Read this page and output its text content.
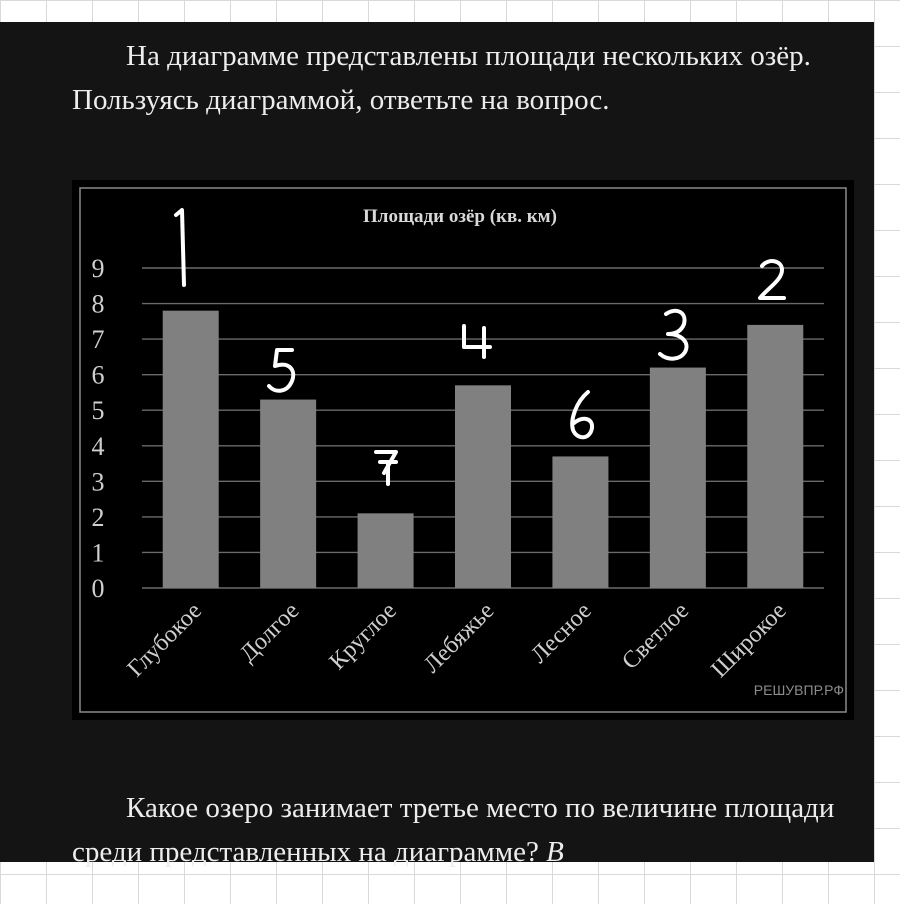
На диаграмме представлены площади нескольких озёр. Пользуясь диаграммой, ответьте на вопрос.

Площади озёр (кв. км)
0
1
2
3
4
5
6
7
8
9
Глубокое Долгое Круглое Лебяжье Лесное Светлое Широкое
РЕШУВПР.РФ

Какое озеро занимает третье место по величине площади среди представленных на диаграмме? В
